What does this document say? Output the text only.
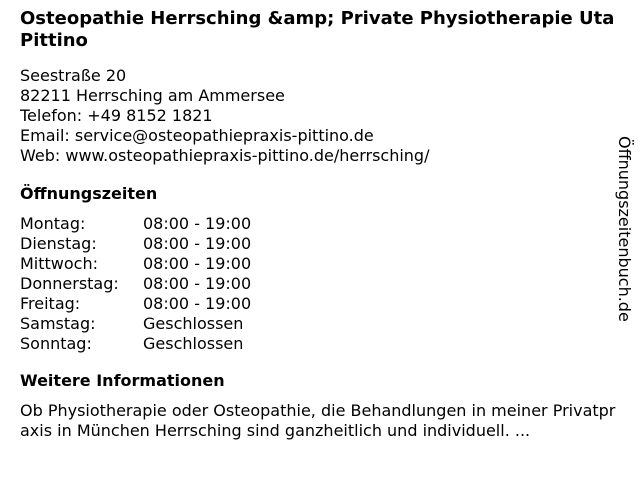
Osteopathie Herrsching &amp; Private Physiotherapie Uta Pittino
Seestraße 20
82211 Herrsching am Ammersee
Telefon: +49 8152 1821
Email: service@osteopathiepraxis-pittino.de
Web: www.osteopathiepraxis-pittino.de/herrsching/
Öffnungszeiten
Montag:	08:00 - 19:00
Dienstag:	08:00 - 19:00
Mittwoch:	08:00 - 19:00
Donnerstag:	08:00 - 19:00
Freitag:	08:00 - 19:00
Samstag:	Geschlossen
Sonntag:	Geschlossen
Weitere Informationen
Ob Physiotherapie oder Osteopathie, die Behandlungen in meiner Privatpraxis in München Herrsching sind ganzheitlich und individuell. ...
Öffnungszeitenbuch.de
